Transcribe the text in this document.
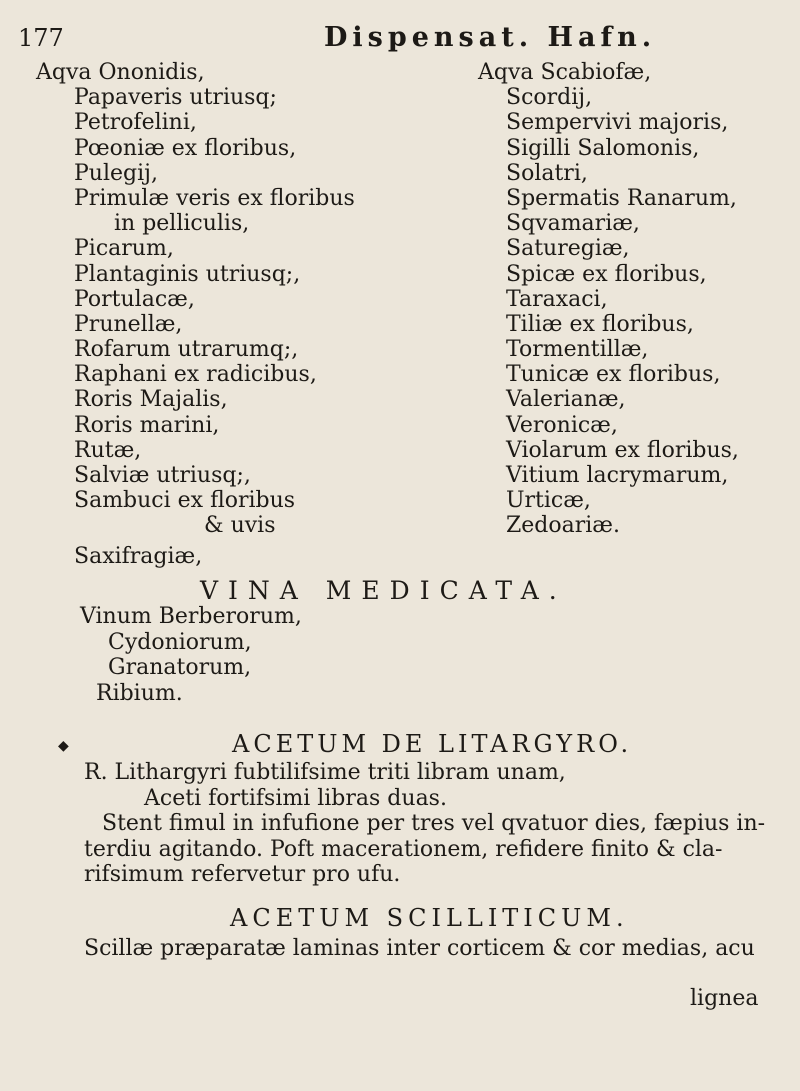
177	Dispensat. Hafn.
Aqva Ononidis,
Papaveris utriusq;
Petrofelini,
Pœoniæ ex floribus,
Pulegij,
Primulæ veris ex floribus
in pelliculis,
Picarum,
Plantaginis utriusq;,
Portulacæ,
Prunellæ,
Rofarum utrarumq;,
Raphani ex radicibus,
Roris Majalis,
Roris marini,
Rutæ,
Salviæ utriusq;,
Sambuci ex floribus
& uvis
Saxifragiæ,
Aqva Scabiofæ,
Scordij,
Sempervivi majoris,
Sigilli Salomonis,
Solatri,
Spermatis Ranarum,
Sqvamariæ,
Saturegiæ,
Spicæ ex floribus,
Taraxaci,
Tiliæ ex floribus,
Tormentillæ,
Tunicæ ex floribus,
Valerianæ,
Veronicæ,
Violarum ex floribus,
Vitium lacrymarum,
Urticæ,
Zedoariæ.
VINA MEDICATA.
Vinum Berberorum,
Cydoniorum,
Granatorum,
Ribium.
◆	ACETUM DE LITARGYRO.
R. Lithargyri fubtilifsime triti libram unam,
Aceti fortifsimi libras duas.
Stent fimul in infufione per tres vel qvatuor dies, fæpius in-
terdiu agitando. Poft macerationem, refidere finito & cla-
rifsimum refervetur pro ufu.
ACETUM SCILLITICUM.
Scillæ præparatæ laminas inter corticem & cor medias, acu
lignea
